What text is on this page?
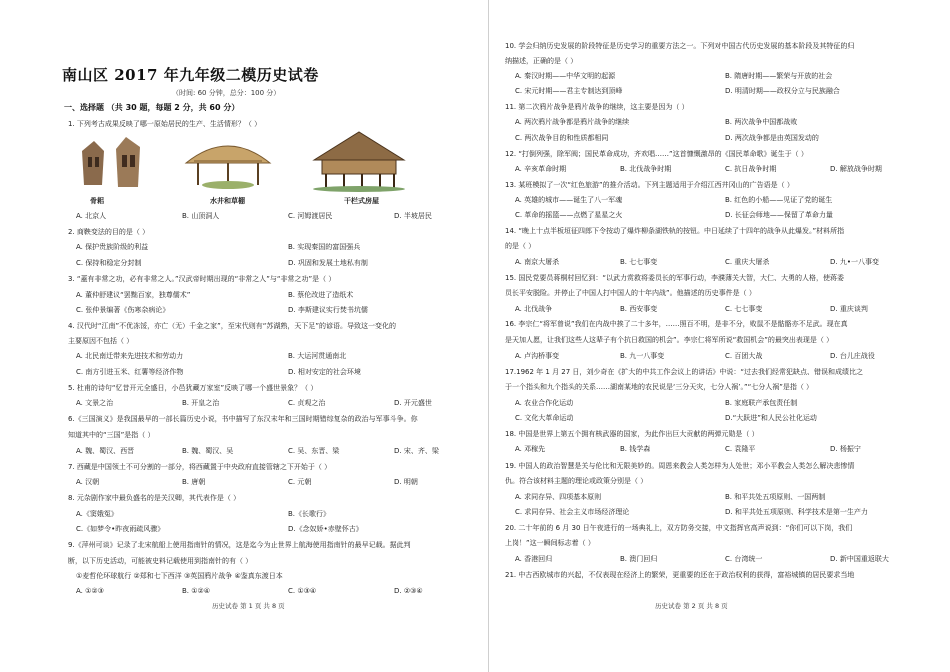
南山区 2017 年九年级二模历史试卷
（时间: 60 分钟，总分：100 分）
一、选择题 （共 30 题，每题 2 分，共 60 分）
1. 下列考古成果反映了哪一原始居民的生产、生活情形？（ ）
骨耜	水井和草棚	干栏式房屋
A. 北京人	B. 山顶洞人	C. 河姆渡居民	D. 半坡居民
2. 商鞅变法的目的是（ ）
A. 保护贵族阶级的利益	B. 实现秦国的富国强兵
C. 保持和稳定分封制	D. 巩固和发展土地私有制
3. “蓋有非常之功，必有非常之人。”汉武帝时期出现的“非常之人”与“非常之功”是（ ）
A. 董仲舒建议“罢黜百家，独尊儒术”	B. 蔡伦改进了造纸术
C. 张仲景编著《伤寒杂病论》	D. 李斯建议实行焚书坑儒
4. 汉代时“江南”不优冻馁，亦亡（无）千金之家”，至宋代则有“苏湖熟，天下足”的谚语。导致这一变化的
主要原因不包括（ ）
A. 北民南迁带来先进技术和劳动力	B. 大运河贯通南北
C. 南方引进玉米、红薯等经济作物	D. 相对安定的社会环境
5. 杜甫的诗句“忆昔开元全盛日，小邑犹藏万家室”反映了哪一个盛世景象？（ ）
A. 文景之治	B. 开皇之治	C. 贞观之治	D. 开元盛世
6.《三国演义》是我国最早的一部长篇历史小说，书中描写了东汉末年和三国时期错综复杂的政治与军事斗争。你
知道其中的“三国”是指（ ）
A. 魏、蜀汉、西晋	B. 魏、蜀汉、吴	C. 吴、东晋、梁	D. 宋、齐、梁
7. 西藏是中国领土不可分割的一部分，将西藏置于中央政府直接管辖之下开始于（ ）
A. 汉朝	B. 唐朝	C. 元朝	D. 明朝
8. 元杂剧作家中最负盛名的是关汉卿，其代表作是（ ）
A.《窦娥冤》	B.《长歌行》
C.《如梦令•昨夜雨疏风骤》	D.《念奴娇•赤壁怀古》
9.《萍州可谈》记录了北宋航船上使用指南针的情况，这是迄今为止世界上航海使用指南针的最早记载。据此判
断，以下历史活动，可能被史料记载使用到指南针的有（ ）
①麦哲伦环球航行 ②郑和七下西洋 ③英国鸦片战争 ④鉴真东渡日本
A. ①②③	B. ①②④	C. ①③④	D. ②③④
历史试卷 第 1 页 共 8 页
10. 学会归纳历史发展的阶段特征是历史学习的重要方法之一。下列对中国古代历史发展的基本阶段及其特征的归
纳描述，正确的是（ ）
A. 秦汉时期——中华文明的起源	B. 隋唐时期——繁荣与开放的社会
C. 宋元时期——君主专制达到顶峰	D. 明清时期——政权分立与民族融合
11. 第二次鸦片战争是鸦片战争的继续，这主要是因为（ ）
A. 两次鸦片战争都是鸦片战争的继续	B. 两次战争中国都战败
C. 两次战争目的和性质都相同	D. 两次战争都是由英国发动的
12. “打倒列强，除军阀；国民革命成功，齐欢唱……”这首慷慨激昂的《国民革命歌》诞生于（ ）
A. 辛亥革命时期	B. 北伐战争时期	C. 抗日战争时期	D. 解放战争时期
13. 某班模拟了一次“红色旅游”的推介活动。下列主题适用于介绍江西井冈山的广告语是（ ）
A. 英雄的城市——诞生了八一军魂	B. 红色的小船——见证了党的诞生
C. 革命的摇篮——点燃了星星之火	D. 长征会师地——保留了革命力量
14. “晚上十点半板垣征四郎下令按动了爆炸柳条湖铁轨的按钮。中日延续了十四年的战争从此爆发。”材料所指
的是（ ）
A. 南京大屠杀	B. 七七事变	C. 重庆大屠杀	D. 九•一八事变
15. 国民党要员蒋桐村回忆到：“以武力赏救将委员长的军事行动，李濮薄关大智，大仁、大勇的人格，使蒋委
员长平安脱险。并停止了中国人打中国人的十年内战”。他描述的历史事件是（ ）
A. 北伐战争	B. 西安事变	C. 七七事变	D. 重庆谈判
16. 李宗仁“将军曾说”我们在内战中挨了二十多年，……照百不明，是非不分，败鼠不是骷骼亦不足武。现在真
是天加人愿，让我们这些人这辈子有个抗日救国的机会”。李宗仁将军所说“救国机会”的最突出表现是（ ）
A. 卢沟桥事变	B. 九一八事变	C. 百团大战	D. 台儿庄战役
17.1962 年 1 月 27 日，刘少奇在《扩大的中共工作会议上的讲话》中说：“过去我们经常犯缺点、错误和成绩比之
于一个指头和九个指头的关系……湖南某地的农民说是‘三分天灾，七分人祸’。”“七分人祸”是指（ ）
A. 农业合作化运动	B. 家庭联产承包责任制
C. 文化大革命运动	D.“大跃进”和人民公社化运动
18. 中国是世界上第五个拥有核武器的国家，为此作出巨大贡献的两弹元勋是（ ）
A. 邓稼先	B. 钱学森	C. 袁隆平	D. 杨振宁
19. 中国人的政治智慧是关与伦比和无限美妙的。周恩来教会人类怎样为人处世；邓小平教会人类怎么解决悲惨情
仇。符合该材料主题的理论或政策分别是（ ）
A. 求同存异、四项基本原则	B. 和平共处五项原则、一国两制
C. 求同存异、社会主义市场经济理论	D. 和平共处五项原则、科学技术是第一生产力
20. 二十年前的 6 月 30 日午夜进行的一场典礼上，双方防务交接，中文指挥官高声说到：“你们可以下岗，我们
上岗！”这一瞬间标志着（ ）
A. 香港回归	B. 澳门回归	C. 台湾统一	D. 新中国重返联大
21. 中古西欧城市的兴起，不仅表现在经济上的繁荣，更重要的还在于政治权利的获得，富裕城镇的居民要求当地
历史试卷 第 2 页 共 8 页
